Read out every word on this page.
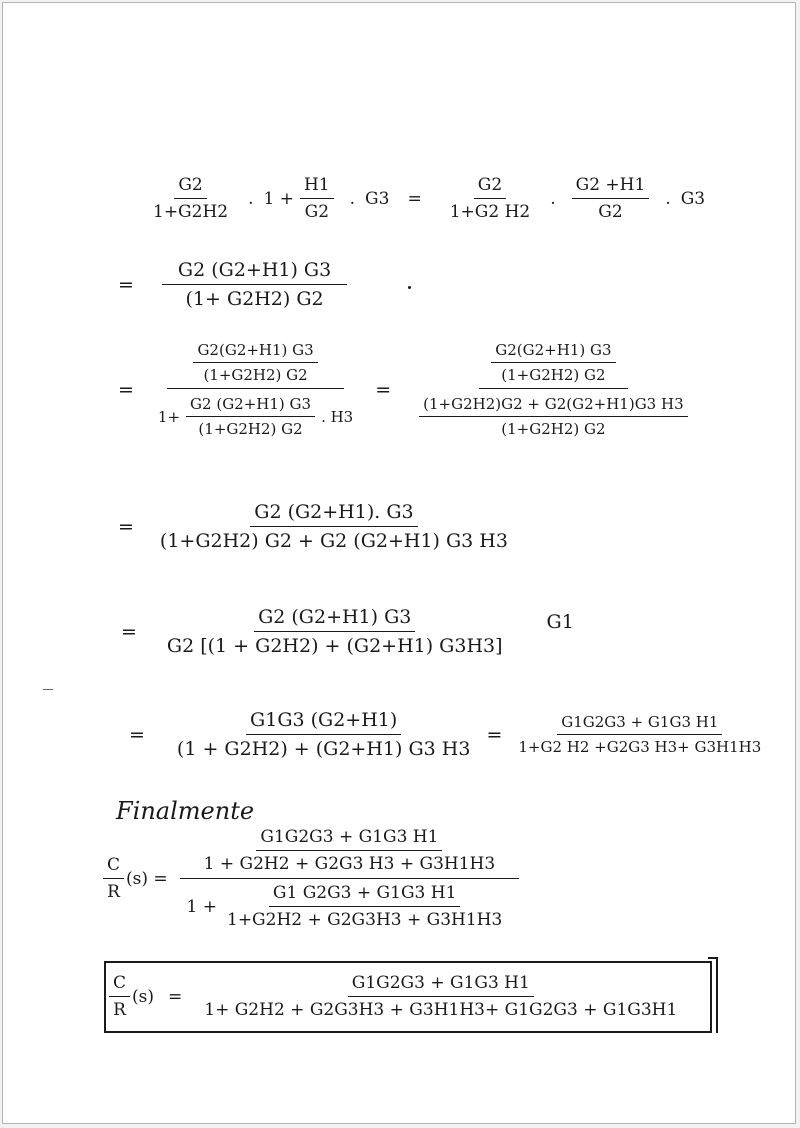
$\frac{G2}{1+G2H2}$ . $1 + \frac{H1}{G2}$ . $G3 = \frac{G2}{1+G2 H2}$ . $\frac{G2 +H1}{G2}$ . G3
= $\frac{G2 (G2+H1) G3}{(1+ G2H2) G2}$
=
$\frac{G2(G2+H1) G3}{(1+G2H2) G2}$
$1+ \frac{G2 (G2+H1) G3}{(1+G2H2) G2}$ . H3
= $\frac{\frac{G2(G2+H1) G3}{(1+G2H2) G2}}{\frac{(1+G2H2)G2 + G2(G2+H1)G3 H3}{(1+G2H2) G2}}$
= $\frac{G2 (G2+H1). G3}{(1+G2H2) G2 + G2 (G2+H1) G3 H3}$
= $\frac{G2 (G2+H1) G3}{G2 [(1 + G2H2) + (G2+H1) G3H3]} G1$
= $\frac{G1G3 (G2+H1)}{(1 + G2H2) + (G2+H1) G3 H3} = \frac{G1G2G3 + G1G3 H1}{1+G2 H2 +G2G3 H3+ G3H1H3}$
Finalmente
$\frac{C}{R} (s)$ =
$\frac{G1G2G3 + G1G3 H1}{1 + G2H2 + G2G3 H3 + G3H1H3}$
$1 + \frac{G1 G2G3 + G1G3 H1}{1+G2H2 + G2G3H3 + G3H1H3}$
$\frac{C}{R} (s) = \frac{G1G2G3 + G1G3 H1}{1+ G2H2 + G2G3H3 + G3H1H3+ G1G2G3 + G1G3H1}$
